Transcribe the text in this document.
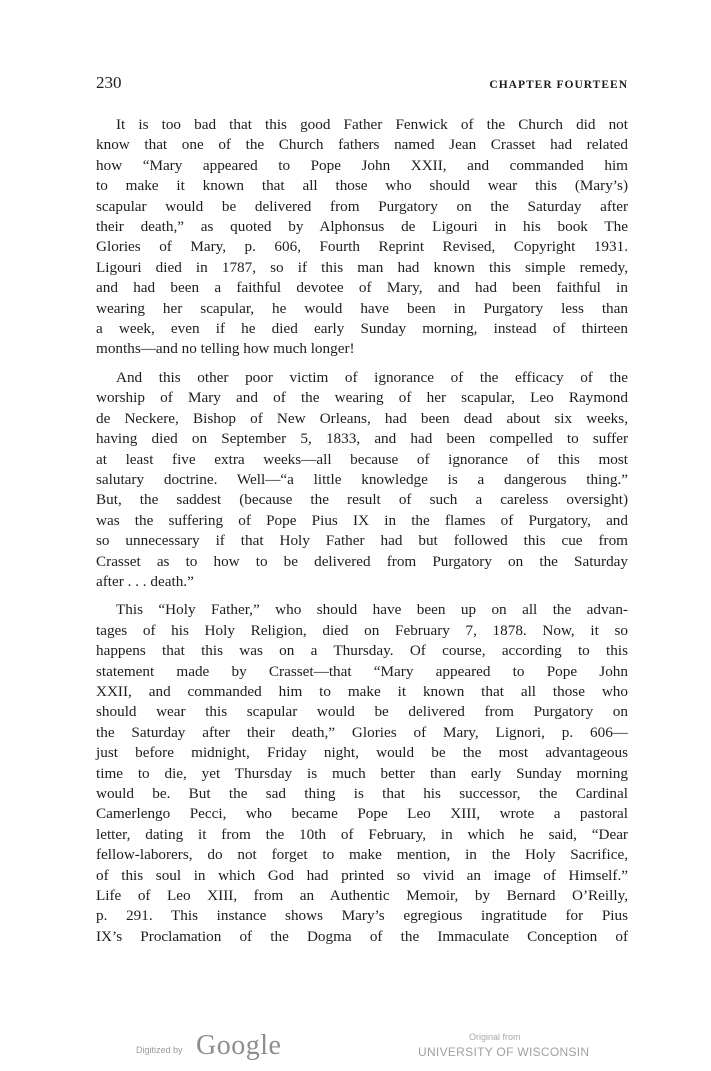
230	CHAPTER FOURTEEN

It is too bad that this good Father Fenwick of the Church did not
know that one of the Church fathers named Jean Crasset had related
how “Mary appeared to Pope John XXII, and commanded him
to make it known that all those who should wear this (Mary’s)
scapular would be delivered from Purgatory on the Saturday after
their death,” as quoted by Alphonsus de Ligouri in his book The
Glories of Mary, p. 606, Fourth Reprint Revised, Copyright 1931.
Ligouri died in 1787, so if this man had known this simple remedy,
and had been a faithful devotee of Mary, and had been faithful in
wearing her scapular, he would have been in Purgatory less than
a week, even if he died early Sunday morning, instead of thirteen
months—and no telling how much longer!

And this other poor victim of ignorance of the efficacy of the
worship of Mary and of the wearing of her scapular, Leo Raymond
de Neckere, Bishop of New Orleans, had been dead about six weeks,
having died on September 5, 1833, and had been compelled to suffer
at least five extra weeks—all because of ignorance of this most
salutary doctrine. Well—“a little knowledge is a dangerous thing.”
But, the saddest (because the result of such a careless oversight)
was the suffering of Pope Pius IX in the flames of Purgatory, and
so unnecessary if that Holy Father had but followed this cue from
Crasset as to how to be delivered from Purgatory on the Saturday
after . . . death.”

This “Holy Father,” who should have been up on all the advan-
tages of his Holy Religion, died on February 7, 1878. Now, it so
happens that this was on a Thursday. Of course, according to this
statement made by Crasset—that “Mary appeared to Pope John
XXII, and commanded him to make it known that all those who
should wear this scapular would be delivered from Purgatory on
the Saturday after their death,” Glories of Mary, Lignori, p. 606—
just before midnight, Friday night, would be the most advantageous
time to die, yet Thursday is much better than early Sunday morning
would be. But the sad thing is that his successor, the Cardinal
Camerlengo Pecci, who became Pope Leo XIII, wrote a pastoral
letter, dating it from the 10th of February, in which he said, “Dear
fellow-laborers, do not forget to make mention, in the Holy Sacrifice,
of this soul in which God had printed so vivid an image of Himself.”
Life of Leo XIII, from an Authentic Memoir, by Bernard O’Reilly,
p. 291. This instance shows Mary’s egregious ingratitude for Pius
IX’s Proclamation of the Dogma of the Immaculate Conception of

Digitized by Google	Original from
UNIVERSITY OF WISCONSIN
